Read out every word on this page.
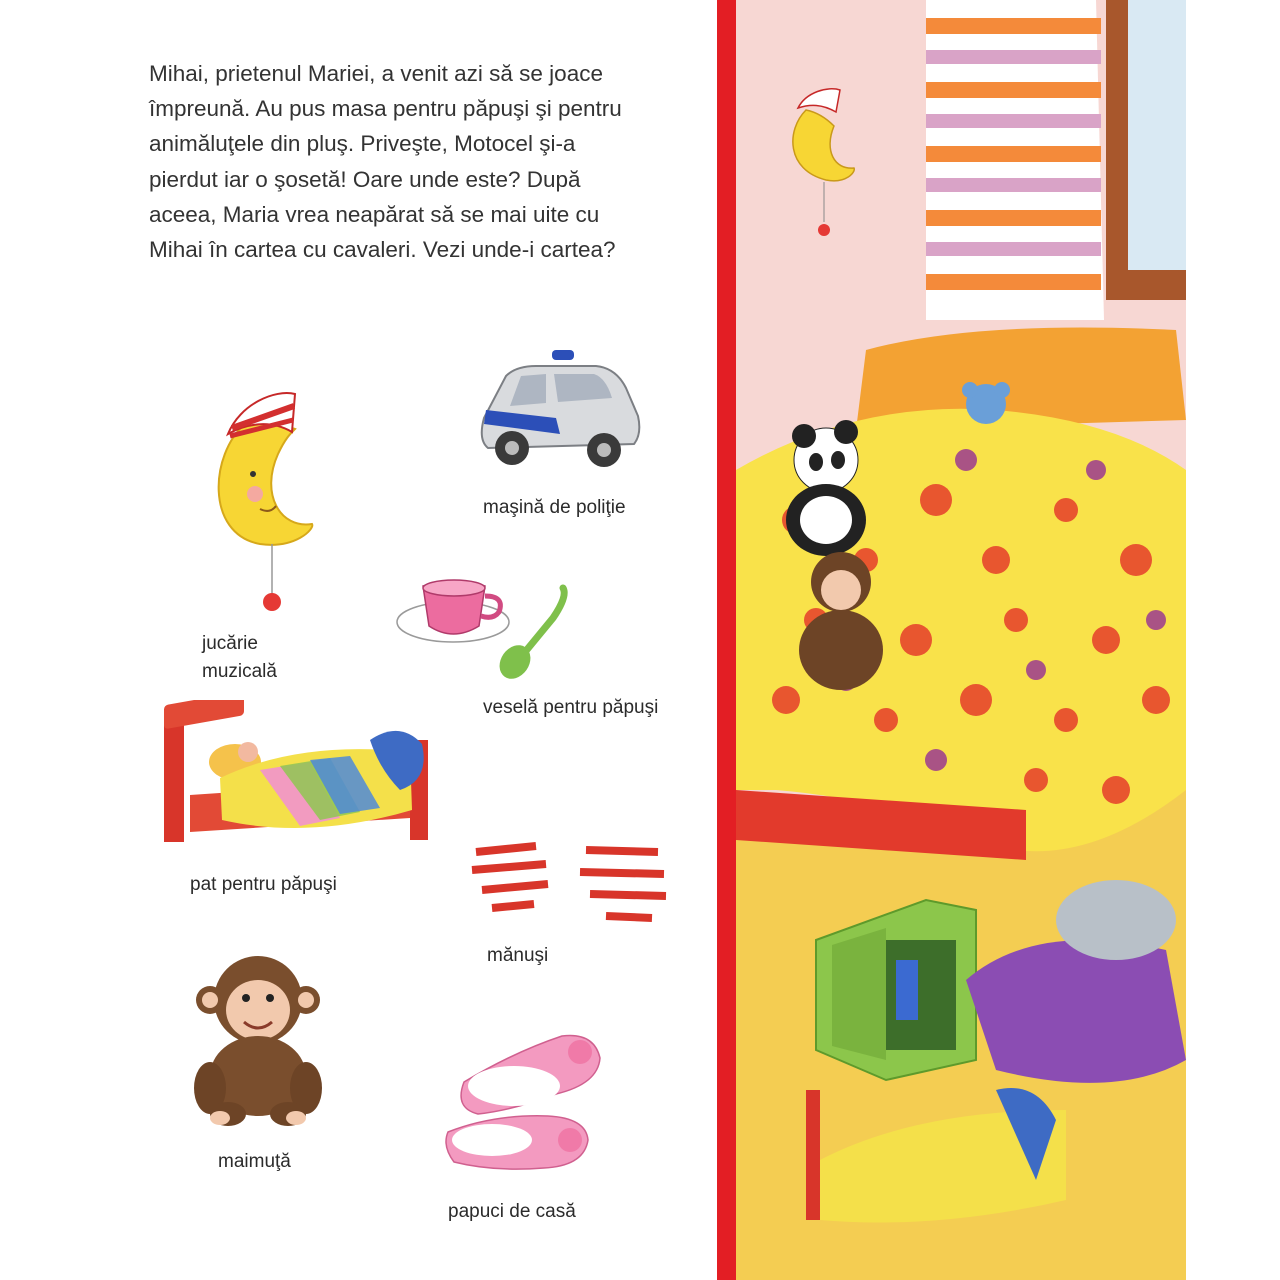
Mihai, prietenul Mariei, a venit azi să se joace împreună. Au pus masa pentru păpuşi şi pentru animăluţele din pluş. Priveşte, Motocel şi-a pierdut iar o şosetă! Oare unde este? După aceea, Maria vrea neapărat să se mai uite cu Mihai în cartea cu cavaleri. Vezi unde-i cartea?
jucărie muzicală
maşină de poliţie
veselă pentru păpuşi
pat pentru păpuşi
mănuşi
maimuţă
papuci de casă
